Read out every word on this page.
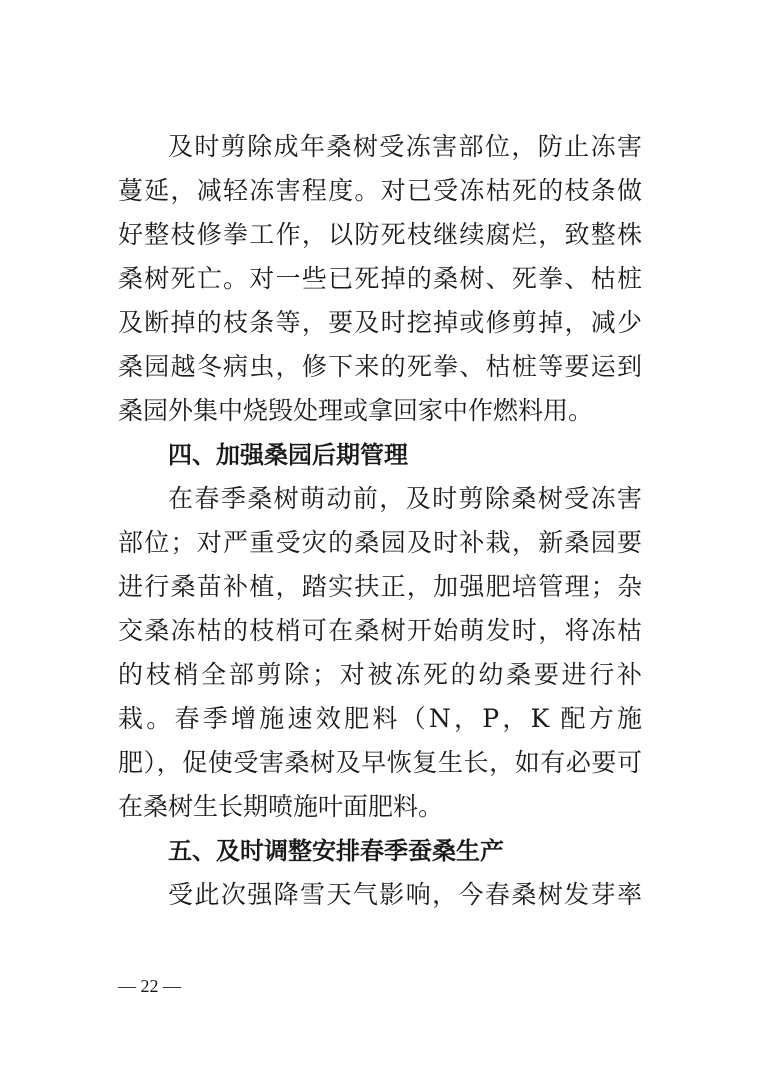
及时剪除成年桑树受冻害部位，防止冻害
蔓延，减轻冻害程度。对已受冻枯死的枝条做
好整枝修拳工作，以防死枝继续腐烂，致整株
桑树死亡。对一些已死掉的桑树、死拳、枯桩
及断掉的枝条等，要及时挖掉或修剪掉，减少
桑园越冬病虫，修下来的死拳、枯桩等要运到
桑园外集中烧毁处理或拿回家中作燃料用。
四、加强桑园后期管理
在春季桑树萌动前，及时剪除桑树受冻害
部位；对严重受灾的桑园及时补栽，新桑园要
进行桑苗补植，踏实扶正，加强肥培管理；杂
交桑冻枯的枝梢可在桑树开始萌发时，将冻枯
的枝梢全部剪除；对被冻死的幼桑要进行补
栽。春季增施速效肥料（N，P，K 配方施
肥），促使受害桑树及早恢复生长，如有必要可
在桑树生长期喷施叶面肥料。
五、及时调整安排春季蚕桑生产
受此次强降雪天气影响，今春桑树发芽率
— 22 —
